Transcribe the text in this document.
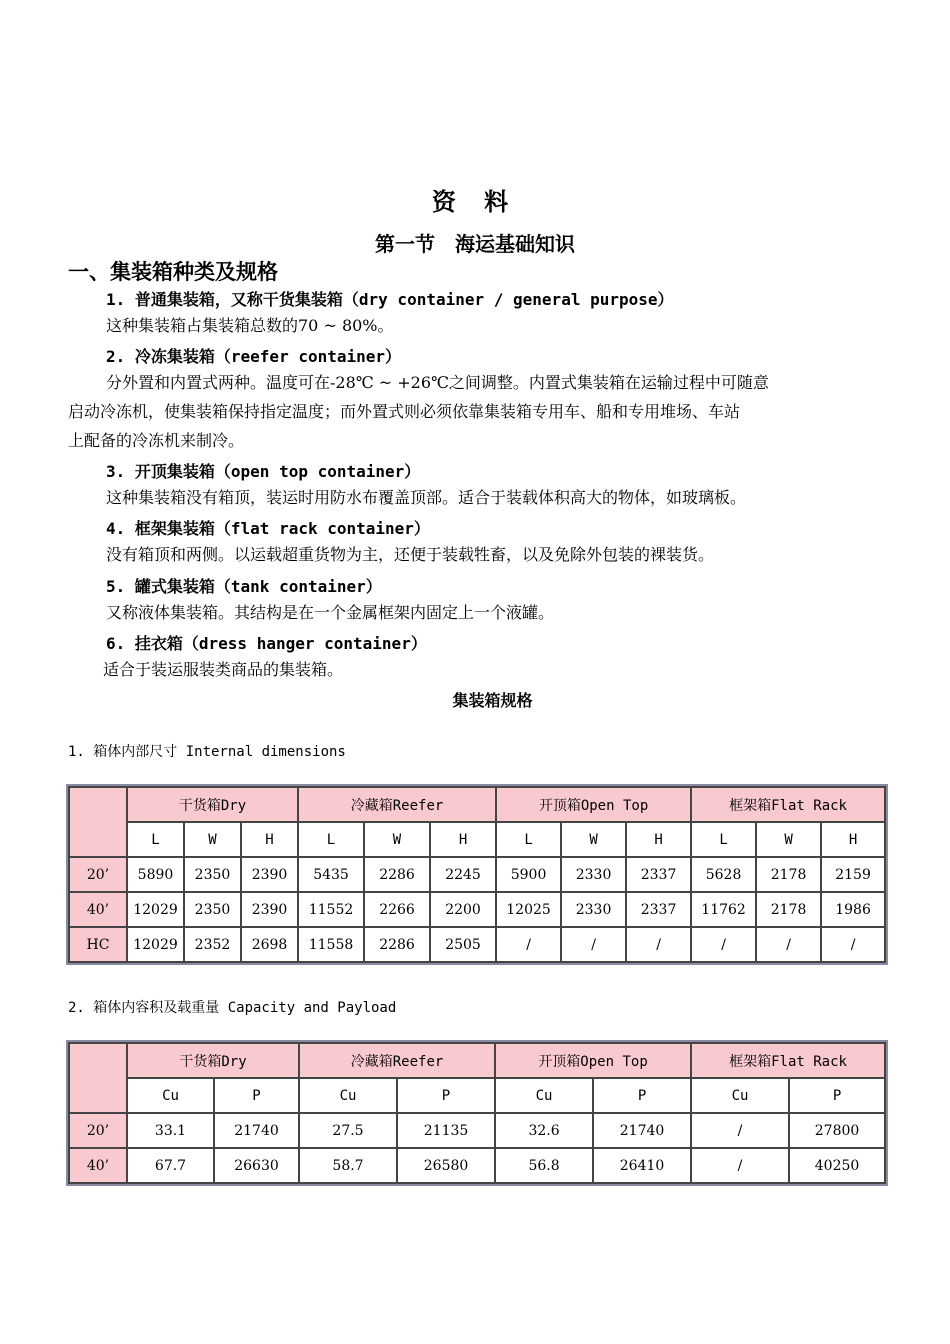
资 料
第一节　海运基础知识
一、集装箱种类及规格
1. 普通集装箱，又称干货集装箱（dry container / general purpose）
这种集装箱占集装箱总数的70 ~ 80%。
2. 冷冻集装箱（reefer container）
分外置和内置式两种。温度可在-28℃ ~ +26℃之间调整。内置式集装箱在运输过程中可随意
启动冷冻机，使集装箱保持指定温度；而外置式则必须依靠集装箱专用车、船和专用堆场、车站
上配备的冷冻机来制冷。
3. 开顶集装箱（open top container）
这种集装箱没有箱顶，装运时用防水布覆盖顶部。适合于装载体积高大的物体，如玻璃板。
4. 框架集装箱（flat rack container）
没有箱顶和两侧。以运载超重货物为主，还便于装载牲畜，以及免除外包装的裸装货。
5. 罐式集装箱（tank container）
又称液体集装箱。其结构是在一个金属框架内固定上一个液罐。
6. 挂衣箱（dress hanger container）
适合于装运服装类商品的集装箱。
集装箱规格
1. 箱体内部尺寸 Internal dimensions
	干货箱Dry			冷藏箱Reefer			开顶箱Open Top			框架箱Flat Rack		
	L	W	H	L	W	H	L	W	H	L	W	H
20’	5890	2350	2390	5435	2286	2245	5900	2330	2337	5628	2178	2159
40’	12029	2350	2390	11552	2266	2200	12025	2330	2337	11762	2178	1986
HC	12029	2352	2698	11558	2286	2505	/	/	/	/	/	/
2. 箱体内容积及载重量 Capacity and Payload
	干货箱Dry		冷藏箱Reefer		开顶箱Open Top		框架箱Flat Rack	
	Cu	P	Cu	P	Cu	P	Cu	P
20’	33.1	21740	27.5	21135	32.6	21740	/	27800
40’	67.7	26630	58.7	26580	56.8	26410	/	40250
